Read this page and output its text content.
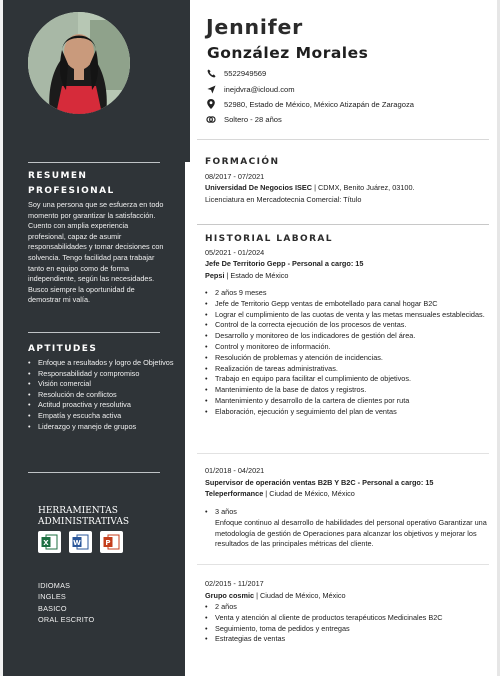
RESUMEN
PROFESIONAL
Soy una persona que se esfuerza en todo momento por garantizar la satisfacción. Cuento con amplia experiencia profesional, capaz de asumir responsabilidades y tomar decisiones con solvencia. Tengo facilidad para trabajar tanto en equipo como de forma independiente, según las necesidades. Busco siempre la oportunidad de demostrar mi valía.
APTITUDES
• Enfoque a resultados y logro de Objetivos
• Responsabilidad y compromiso
• Visión comercial
• Resolución de conflictos
• Actitud proactiva y resolutiva
• Empatía y escucha activa
• Liderazgo y manejo de grupos
HERRAMIENTAS ADMINISTRATIVAS
X	W	P
IDIOMAS
INGLES
BASICO
ORAL ESCRITO
Jennifer
González Morales
5522949569
inejdvra@icloud.com
52980, Estado de México, México Atizapán de Zaragoza
Soltero - 28 años
FORMACIÓN
08/2017 - 07/2021
Universidad De Negocios ISEC | CDMX, Benito Juárez, 03100.
Licenciatura en Mercadotecnia Comercial: Título
HISTORIAL LABORAL
05/2021 - 01/2024
Jefe De Territorio Gepp - Personal a cargo: 15
Pepsi | Estado de México
• 2 años 9 meses
• Jefe de Territorio Gepp ventas de embotellado para canal hogar B2C
• Lograr el cumplimiento de las cuotas de venta y las metas mensuales establecidas.
• Control de la correcta ejecución de los procesos de ventas.
• Desarrollo y monitoreo de los indicadores de gestión del área.
• Control y monitoreo de información.
• Resolución de problemas y atención de incidencias.
• Realización de tareas administrativas.
• Trabajo en equipo para facilitar el cumplimiento de objetivos.
• Mantenimiento de la base de datos y registros.
• Mantenimiento y desarrollo de la cartera de clientes por ruta
• Elaboración, ejecución y seguimiento del plan de ventas
01/2018 - 04/2021
Supervisor de operación ventas B2B Y B2C - Personal a cargo: 15
Teleperformance | Ciudad de México, México
• 3 años
Enfoque continuo al desarrollo de habilidades del personal operativo Garantizar una metodología de gestión de Operaciones para alcanzar los objetivos y mejorar los resultados de las principales métricas del cliente.
02/2015 - 11/2017
Grupo cosmic | Ciudad de México, México
• 2 años
• Venta y atención al cliente de productos terapéuticos Medicinales B2C
• Seguimiento, toma de pedidos y entregas
• Estrategias de ventas
